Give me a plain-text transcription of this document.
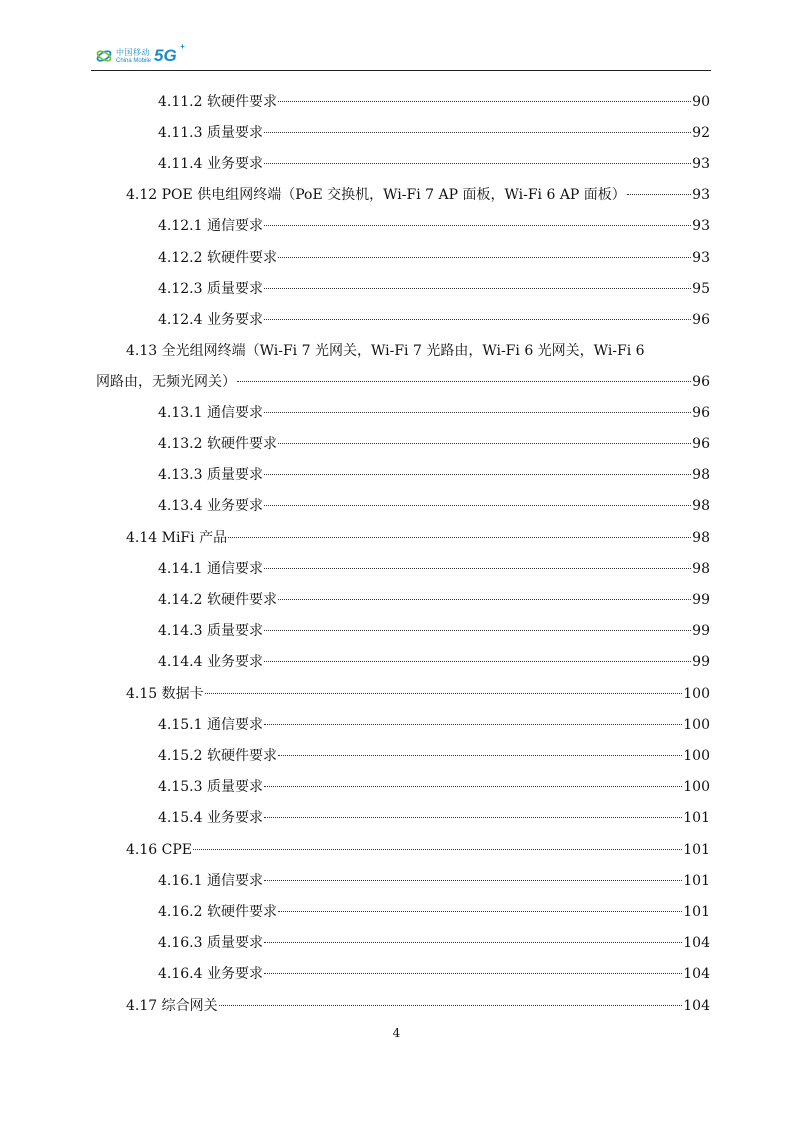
中国移动
China Mobile 5G +
4.11.2 软硬件要求	90
4.11.3 质量要求	92
4.11.4 业务要求	93
4.12 POE 供电组网终端（PoE 交换机，Wi-Fi 7 AP 面板，Wi-Fi 6 AP 面板）	93
4.12.1 通信要求	93
4.12.2 软硬件要求	93
4.12.3 质量要求	95
4.12.4 业务要求	96
4.13 全光组网终端（Wi-Fi 7 光网关，Wi-Fi 7 光路由，Wi-Fi 6 光网关，Wi-Fi 6
网路由，无频光网关）	96
4.13.1 通信要求	96
4.13.2 软硬件要求	96
4.13.3 质量要求	98
4.13.4 业务要求	98
4.14 MiFi 产品	98
4.14.1 通信要求	98
4.14.2 软硬件要求	99
4.14.3 质量要求	99
4.14.4 业务要求	99
4.15 数据卡	100
4.15.1 通信要求	100
4.15.2 软硬件要求	100
4.15.3 质量要求	100
4.15.4 业务要求	101
4.16 CPE	101
4.16.1 通信要求	101
4.16.2 软硬件要求	101
4.16.3 质量要求	104
4.16.4 业务要求	104
4.17 综合网关	104
4
